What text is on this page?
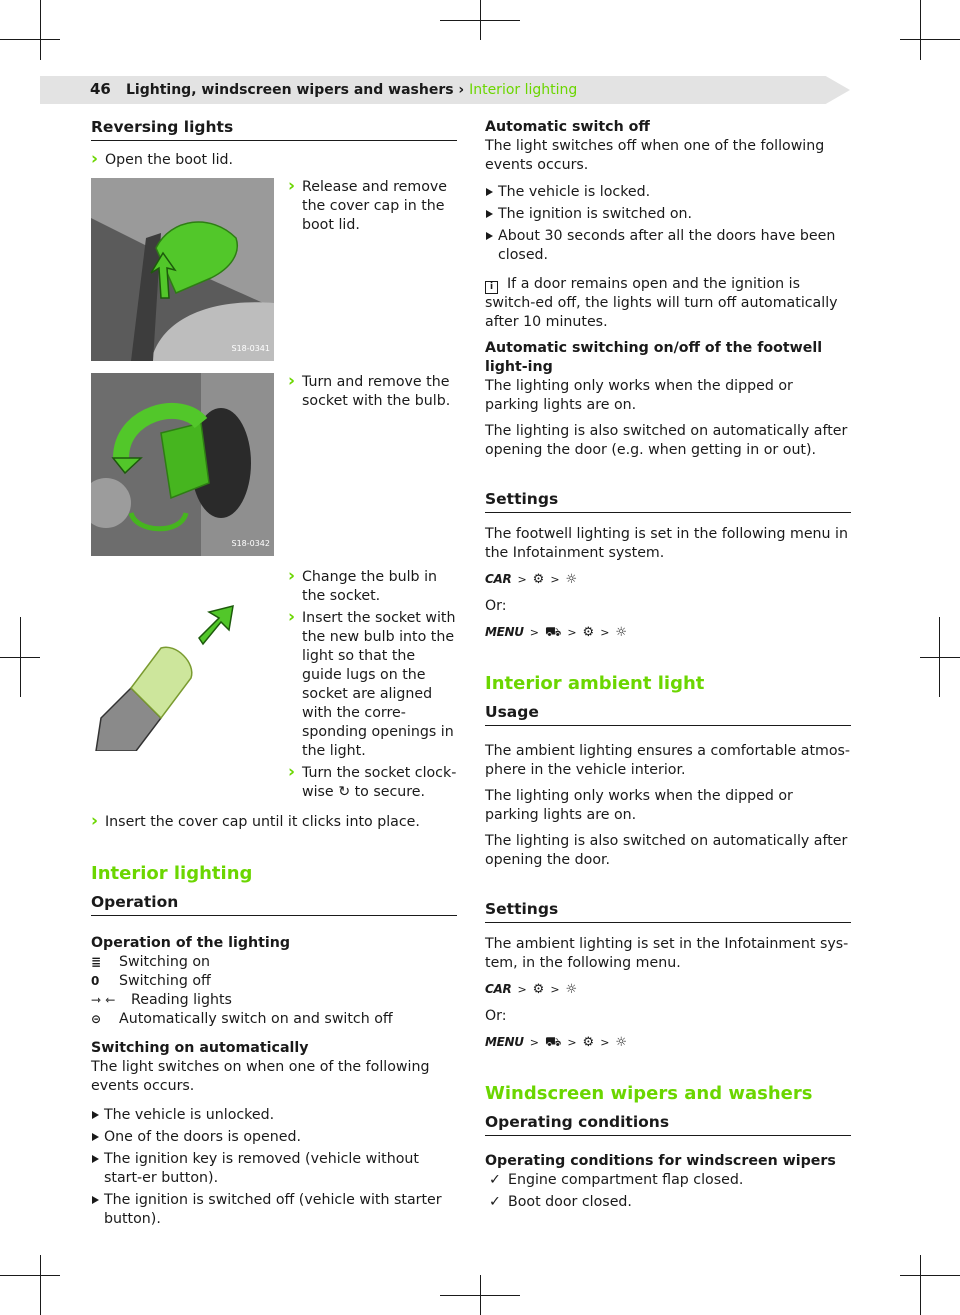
46 Lighting, windscreen wipers and washers › Interior lighting
Reversing lights
› Open the boot lid.
S18-0341
› Release and remove the cover cap in the boot lid.
S18-0342
› Turn and remove the socket with the bulb.
S18-0343
› Change the bulb in the socket.
› Insert the socket with the new bulb into the light so that the guide lugs on the socket are aligned with the corre-sponding openings in the light.
› Turn the socket clock-wise ↻ to secure.
› Insert the cover cap until it clicks into place.
Interior lighting
Operation
Operation of the lighting
≣	Switching on
0	Switching off
⇾ ⇽	Reading lights
⊝	Automatically switch on and switch off
Switching on automatically

The light switches on when one of the following events occurs.

The vehicle is unlocked.
One of the doors is opened.
The ignition key is removed (vehicle without start-er button).
The ignition is switched off (vehicle with starter button).
Automatic switch off

The light switches off when one of the following events occurs.

The vehicle is locked.
The ignition is switched on.
About 30 seconds after all the doors have been closed.

i If a door remains open and the ignition is switch-ed off, the lights will turn off automatically after 10 minutes.

Automatic switching on/off of the footwell light-ing

The lighting only works when the dipped or parking lights are on.

The lighting is also switched on automatically after opening the door (e.g. when getting in or out).

Settings

The footwell lighting is set in the following menu in the Infotainment system.

CAR > ⚙ > ☼

Or:

MENU > ⛟ > ⚙ > ☼
Interior ambient light
Usage

The ambient lighting ensures a comfortable atmos-phere in the vehicle interior.

The lighting only works when the dipped or parking lights are on.

The lighting is also switched on automatically after opening the door.

Settings

The ambient lighting is set in the Infotainment sys-tem, in the following menu.

CAR > ⚙ > ☼

Or:

MENU > ⛟ > ⚙ > ☼
Windscreen wipers and washers
Operating conditions
Operating conditions for windscreen wipers
✓ Engine compartment flap closed.
✓ Boot door closed.
